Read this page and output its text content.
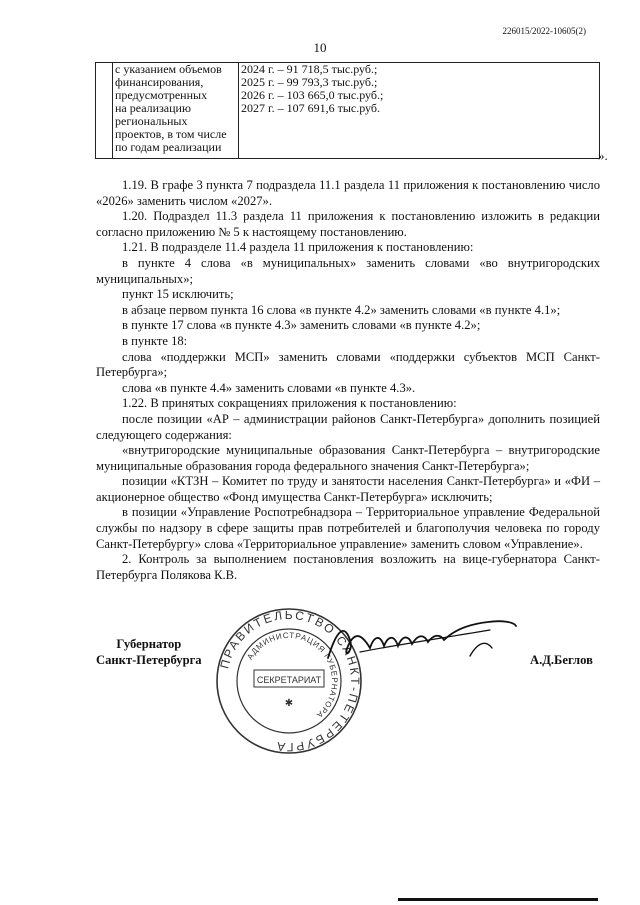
226015/2022-10605(2)
10

с указанием объемов
финансирования,
предусмотренных
на реализацию
региональных
проектов, в том числе
по годам реализации

2024 г. – 91 718,5 тыс.руб.;
2025 г. – 99 793,3 тыс.руб.;
2026 г. – 103 665,0 тыс.руб.;
2027 г. – 107 691,6 тыс.руб.
».

1.19. В графе 3 пункта 7 подраздела 11.1 раздела 11 приложения к постановлению число «2026» заменить числом «2027».

1.20. Подраздел 11.3 раздела 11 приложения к постановлению изложить в редакции согласно приложению № 5 к настоящему постановлению.

1.21. В подразделе 11.4 раздела 11 приложения к постановлению:

в пункте 4 слова «в муниципальных» заменить словами «во внутригородских муниципальных»;

пункт 15 исключить;

в абзаце первом пункта 16 слова «в пункте 4.2» заменить словами «в пункте 4.1»;

в пункте 17 слова «в пункте 4.3» заменить словами «в пункте 4.2»;

в пункте 18:

слова «поддержки МСП» заменить словами «поддержки субъектов МСП Санкт-Петербурга»;

слова «в пункте 4.4» заменить словами «в пункте 4.3».

1.22. В принятых сокращениях приложения к постановлению:

после позиции «АР – администрации районов Санкт-Петербурга» дополнить позицией следующего содержания:

«внутригородские муниципальные образования Санкт-Петербурга – внутригородские муниципальные образования города федерального значения Санкт-Петербурга»;

позиции «КТЗН – Комитет по труду и занятости населения Санкт-Петербурга» и «ФИ – акционерное общество «Фонд имущества Санкт-Петербурга» исключить;

в позиции «Управление Роспотребнадзора – Территориальное управление Федеральной службы по надзору в сфере защиты прав потребителей и благополучия человека по городу Санкт-Петербургу» слова «Территориальное управление» заменить словом «Управление».

2. Контроль за выполнением постановления возложить на вице-губернатора Санкт-Петербурга Полякова К.В.

Губернатор
Санкт-Петербурга ПРАВИТЕЛЬСТВО САНКТ-ПЕТЕРБУРГА
АДМИНИСТРАЦИЯ ГУБЕРНАТОРА
СЕКРЕТАРИАТ
✱
А.Д.Беглов
